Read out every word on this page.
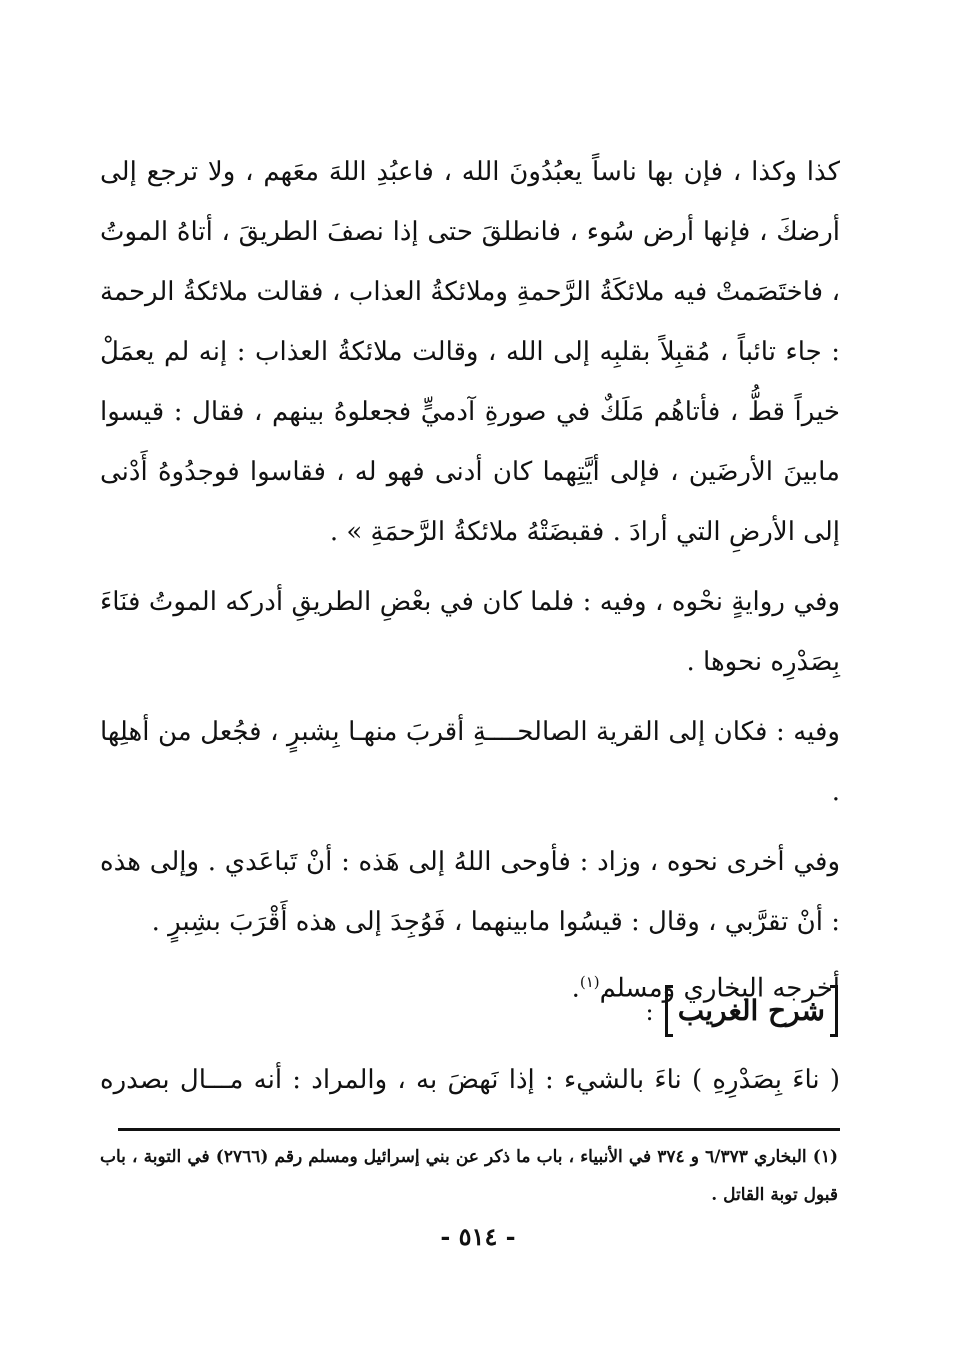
كذا وكذا ، فإن بها ناساً يعبُدُونَ الله ، فاعبُدِ اللهَ معَهم ، ولا ترجع إلى أرضكَ ، فإنها أرض سُوء ، فانطلقَ حتى إذا نصفَ الطريقَ ، أتاهُ الموتُ ، فاختَصَمتْ فيه ملائكَةُ الرَّحمةِ وملائكةُ العذاب ، فقالت ملائكةُ الرحمة : جاء تائباً ، مُقبِلاً بقلبِه إلى الله ، وقالت ملائكةُ العذاب : إنه لم يعمَلْ خيراً قطُّ ، فأتاهُم مَلَكٌ في صورةِ آدميٍّ فجعلوهُ بينهم ، فقال : قيسوا مابينَ الأرضَين ، فإلى أيَّتِهما كان أدنى فهو له ، فقاسوا فوجدُوهُ أَدْنى إلى الأرضِ التي أرادَ . فقبضَتْهُ ملائكةُ الرَّحمَةِ » .

وفي روايةٍ نحْوه ، وفيه : فلما كان في بعْضِ الطريقِ أدركه الموتُ فنَاءَ بِصَدْرِه نحوها .

وفيه : فكان إلى القرية الصالحــــةِ أقربَ منهـا بِشبرٍ ، فجُعل من أهلِها .

وفي أخرى نحوه ، وزاد : فأوحى اللهُ إلى هَذه : أنْ تَباعَدي . وإلى هذه : أنْ تقرَّبي ، وقال : قيسُوا مابينهما ، فَوُجِدَ إلى هذه أَقْرَبَ بشِبرٍ .

أخرجه البخاري ومسلم$^{(١)}$.

شرح الغريب :
( ناءَ بِصَدْرِهِ ) ناءَ بالشيء : إذا نَهضَ به ، والمراد : أنه مـــال بصدره
(١) البخاري ٦/٣٧٣ و ٣٧٤ في الأنبياء ، باب ما ذكر عن بني إسرائيل ومسلم رقم (٢٧٦٦) في التوبة ، باب قبول توبة القاتل .
- ٥١٤ -
